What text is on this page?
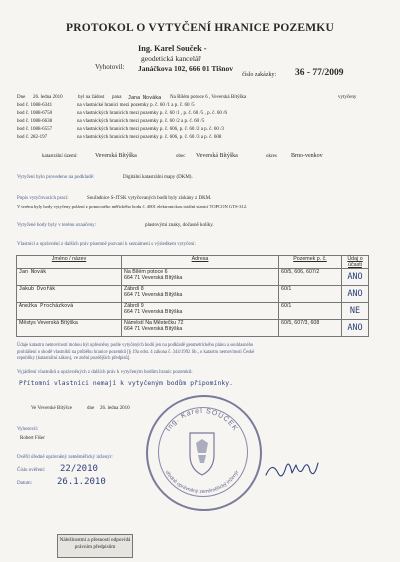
PROTOKOL O VYTYČENÍ HRANICE POZEMKU
Vyhotovil:
Ing. Karel Souček -
geodetická kancelář
Janáčkova 102, 666 01 Tišnov
číslo zakázky: 36 - 77/2009
Dne 26. ledna 2010	byl na žádost pana Jana Nováka Na Bílém potoce 6 , Veverská Bítýška	vytyčeny
bod č. 1088-6341	na vlastnické hranici mezi pozemky p. č. 60 /1 a p. č. 60 /5
bod č. 1088-6750	na vlastnických hranicích mezi pozemky p. č. 60 /1 , p. č. 60 /5 , p. č. 60 /6
bod č. 1088-6638	na vlastnických hranicích mezi pozemky p. č. 60 /2 a p. č. 60 /5
bod č. 1088-6557	na vlastnických hranicích mezi pozemky p. č. 606, p. č. 60 /2 a p. č. 60 /3
bod č. 282-197	na vlastnických hranicích mezi pozemky p. č. 606, p. č. 60 /3 a p. č. 608
katastrální území:	Veverská Bítýška	obec Veverská Bítýška	okres Brno-venkov
Vytyčení bylo provedeno na podkladě:	Digitální katastrální mapy (DKM).
Popis vytyčovacích prací:	Souřadnice S-JTSK vytyčovaných bodů byly získány z DKM.
V terénu byly body vytyčeny polární z pomocného měřického bodu č. 4001 elektronickou totální stanicí TOPCON GTS-312.
Vytyčené body byly v terénu označeny:	plastovými znaky, dočasně kolíky.
Vlastníci a oprávnění z dalších práv písemně pozvaní k seznámení s výsledkem vytyčení:
Jméno / název	Adresa	Pozemek p. č.	Údaj o účasti
Jan Novák	Na Bílém potoce 6
664 71 Veverská Bítýška	60/5, 606, 607/2	ANO
Jakub Dvořák	Zábrdí 8
664 71 Veverská Bítýška	60/1	ANO
Anežka Procházková	Zábrdí 9
664 71 Veverská Bítýška	60/1	NE
Městys Veverská Bítýška	Náměstí Na Městečku 72
664 71 Veverská Bítýška	60/5, 607/3, 608	ANO
Údaje katastru nemovitostí mohou být upřesněny podle vytyčených bodů jen na podkladě geometrického plánu a souhlasného
prohlášení o shodě vlastníků na průběhu hranice pozemků [§ 19a odst. 4 zákona č. 344/1992 Sb., o katastru nemovitostí České
republiky (katastrální zákon), ve znění pozdějších předpisů].
Vyjádření vlastníků a oprávněných z dalších práv k vytyčeným bodům hranic pozemků:
Přítomní vlastníci nemají k vytyčeným bodům připomínky.
Ve Veverské Bítýšce	dne 26. ledna 2010
Vyhotovil:
Robert Fišer
Ověřil úředně oprávněný zeměměřický inženýr:
Číslo ověření: 22/2010
Datum:	26.1.2010
Ing. Karel SOUČEK
úředně oprávněný zeměměřický inženýr
Náležitostmi a přesností odpovídá
právním předpisům
